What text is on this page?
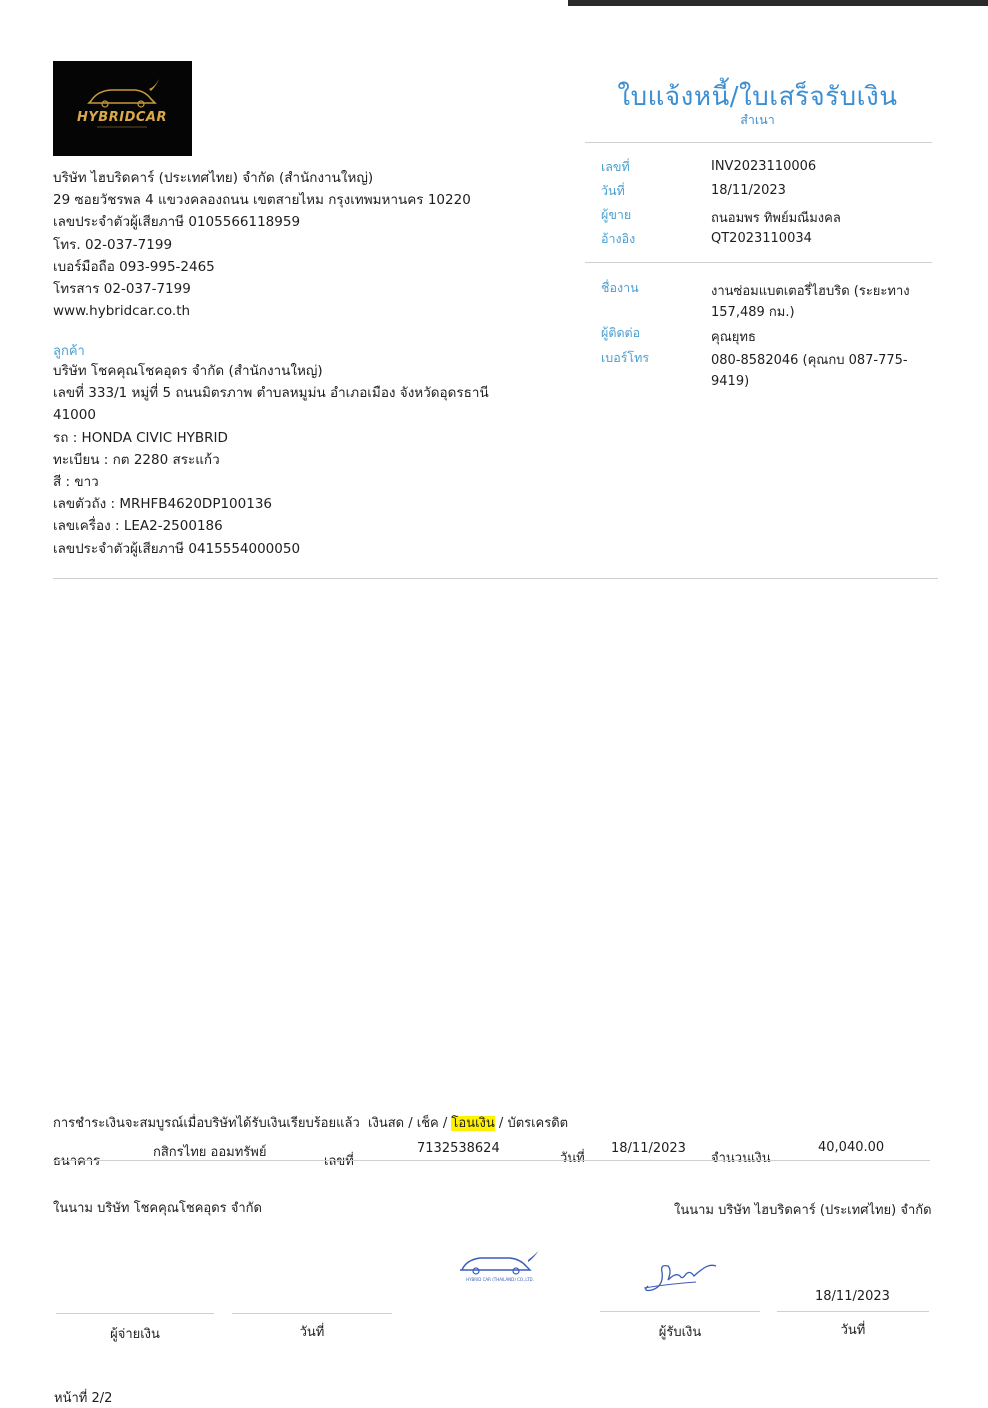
HYBRIDCAR
บริษัท ไฮบริดคาร์ (ประเทศไทย) จำกัด (สำนักงานใหญ่)
29 ซอยวัชรพล 4 แขวงคลองถนน เขตสายไหม กรุงเทพมหานคร 10220
เลขประจำตัวผู้เสียภาษี 0105566118959
โทร. 02-037-7199
เบอร์มือถือ 093-995-2465
โทรสาร 02-037-7199
www.hybridcar.co.th
ลูกค้า
บริษัท โชคคุณโชคอุดร จำกัด (สำนักงานใหญ่)
เลขที่ 333/1 หมู่ที่ 5 ถนนมิตรภาพ ตำบลหมูม่น อำเภอเมือง จังหวัดอุดรธานี
41000
รถ : HONDA CIVIC HYBRID
ทะเบียน : กต 2280 สระแก้ว
สี : ขาว
เลขตัวถัง : MRHFB4620DP100136
เลขเครื่อง : LEA2-2500186
เลขประจำตัวผู้เสียภาษี 0415554000050
ใบแจ้งหนี้/ใบเสร็จรับเงิน
สำเนา
เลขที่	INV2023110006
วันที่	18/11/2023
ผู้ขาย	ถนอมพร ทิพย์มณีมงคล
อ้างอิง	QT2023110034
ชื่องาน	งานซ่อมแบตเตอรี่ไฮบริด (ระยะทาง
157,489 กม.)
ผู้ติดต่อ	คุณยุทธ
เบอร์โทร	080-8582046 (คุณกบ 087-775-
9419)
การชำระเงินจะสมบูรณ์เมื่อบริษัทได้รับเงินเรียบร้อยแล้ว เงินสด / เช็ค / โอนเงิน / บัตรเครดิต
ธนาคาร
กสิกรไทย ออมทรัพย์
เลขที่
7132538624
วันที่
18/11/2023
จำนวนเงิน
40,040.00
ในนาม บริษัท โชคคุณโชคอุดร จำกัด	ในนาม บริษัท ไฮบริดคาร์ (ประเทศไทย) จำกัด
HYBRID CAR (THAILAND) CO.,LTD.
18/11/2023
ผู้จ่ายเงิน	วันที่	ผู้รับเงิน	วันที่
หน้าที่ 2/2
